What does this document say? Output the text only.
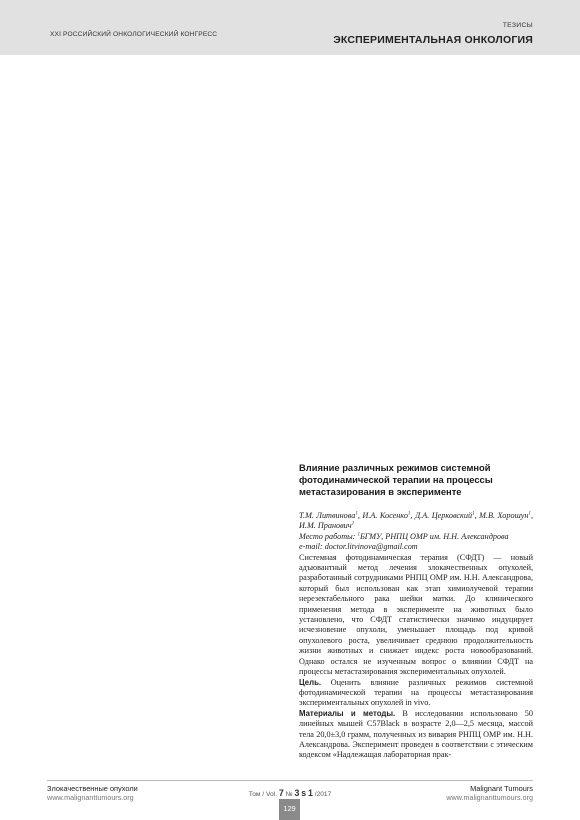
XXI РОССИЙСКИЙ ОНКОЛОГИЧЕСКИЙ КОНГРЕСС
ТЕЗИСЫ
ЭКСПЕРИМЕНТАЛЬНАЯ ОНКОЛОГИЯ
Влияние различных режимов системной
фотодинамической терапии на процессы
метастазирования в эксперименте
Т.М. Литвинова$^1$, И.А. Косенко$^1$, Д.А. Церковский$^1$, М.В. Хорошун$^1$, И.М. Пранович$^1$
Место работы: $^1$БГМУ, РНПЦ ОМР им. Н.Н. Александрова
e-mail: doctor.litvinova@gmail.com

Системная фотодинамическая терапия (СФДТ) — новый адъювантный метод лечения злокачественных опухолей, разработанный сотрудниками РНПЦ ОМР им. Н.Н. Александрова, который был использован как этап химиолучевой терапии нерезектабельного рака шейки матки. До клинического применения метода в эксперименте на животных было установлено, что СФДТ статистически значимо индуцирует исчезновение опухоли, уменьшает площадь под кривой опухолевого роста, увеличивает среднюю продолжительность жизни животных и снижает индекс роста новообразований. Однако остался не изученным вопрос о влиянии СФДТ на процессы метастазирования экспериментальных опухолей.

Цель. Оценить влияние различных режимов системной фотодинамической терапии на процессы метастазирования экспериментальных опухолей in vivo.

Материалы и методы. В исследовании использовано 50 линейных мышей C57Black в возрасте 2,0—2,5 месяца, массой тела 20,0±3,0 грамм, полученных из вивария РНПЦ ОМР им. Н.Н. Александрова. Эксперимент проведен в соответствии с этическим кодексом «Надлежащая лабораторная прак-

Злокачественные опухоли
www.malignanttumours.org	Том / Vol. 7 № 3 s 1 /2017
129
Malignant Tumours
www.malignanttumours.org
